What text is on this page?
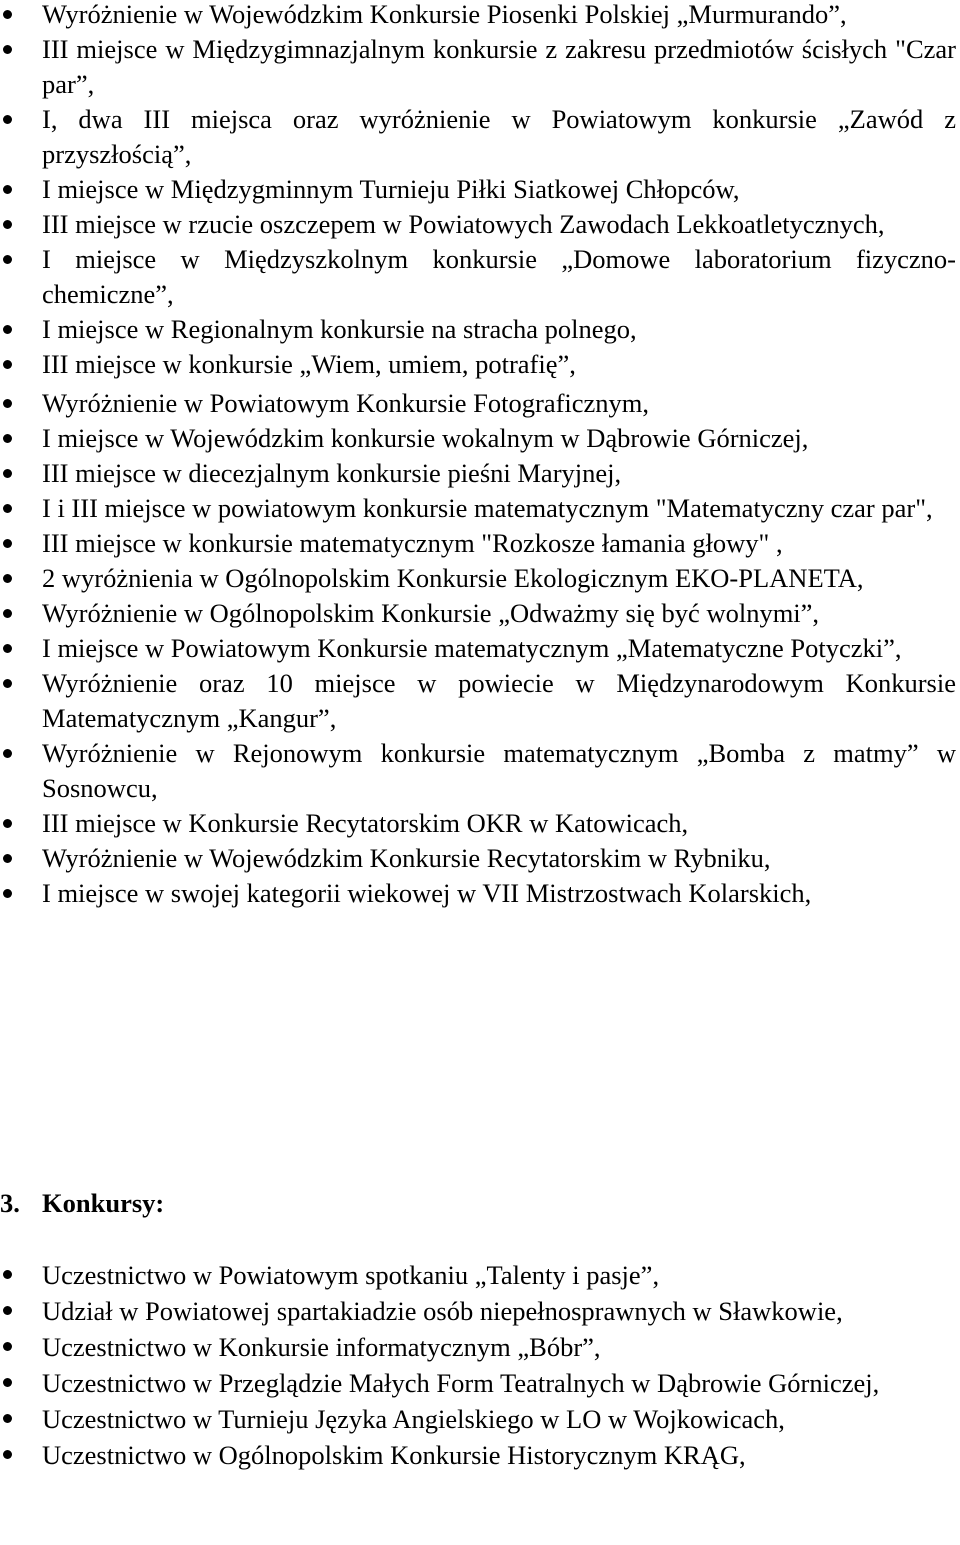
Wyróżnienie w Wojewódzkim Konkursie Piosenki Polskiej „Murmurando”,
III miejsce w Międzygimnazjalnym konkursie z zakresu przedmiotów ścisłych "Czar par”,
I, dwa III miejsca oraz wyróżnienie w Powiatowym konkursie „Zawód z przyszłością”,
I miejsce w Międzygminnym Turnieju Piłki Siatkowej Chłopców,
III miejsce w rzucie oszczepem w Powiatowych Zawodach Lekkoatletycznych,
I miejsce w Międzyszkolnym konkursie „Domowe laboratorium fizyczno-chemiczne”,
I miejsce w Regionalnym konkursie na stracha polnego,
III miejsce w konkursie „Wiem, umiem, potrafię”,
Wyróżnienie w Powiatowym Konkursie Fotograficznym,
I miejsce w Wojewódzkim konkursie wokalnym w Dąbrowie Górniczej,
III miejsce w diecezjalnym konkursie pieśni Maryjnej,
I i III miejsce w powiatowym konkursie matematycznym "Matematyczny czar par",
III miejsce w konkursie matematycznym "Rozkosze łamania głowy" ,
2 wyróżnienia w Ogólnopolskim Konkursie Ekologicznym EKO-PLANETA,
Wyróżnienie w Ogólnopolskim Konkursie „Odważmy się być wolnymi”,
I miejsce w Powiatowym Konkursie matematycznym „Matematyczne Potyczki”,
Wyróżnienie oraz 10 miejsce w powiecie w Międzynarodowym Konkursie Matematycznym „Kangur”,
Wyróżnienie w Rejonowym konkursie matematycznym „Bomba z matmy” w Sosnowcu,
III miejsce w Konkursie Recytatorskim OKR w Katowicach,
Wyróżnienie w Wojewódzkim Konkursie Recytatorskim w Rybniku,
I miejsce w swojej kategorii wiekowej w VII Mistrzostwach Kolarskich,
3. Konkursy:
Uczestnictwo w Powiatowym spotkaniu „Talenty i pasje”,
Udział w Powiatowej spartakiadzie osób niepełnosprawnych w Sławkowie,
Uczestnictwo w Konkursie informatycznym „Bóbr”,
Uczestnictwo w Przeglądzie Małych Form Teatralnych w Dąbrowie Górniczej,
Uczestnictwo w Turnieju Języka Angielskiego w LO w Wojkowicach,
Uczestnictwo w Ogólnopolskim Konkursie Historycznym KRĄG,
